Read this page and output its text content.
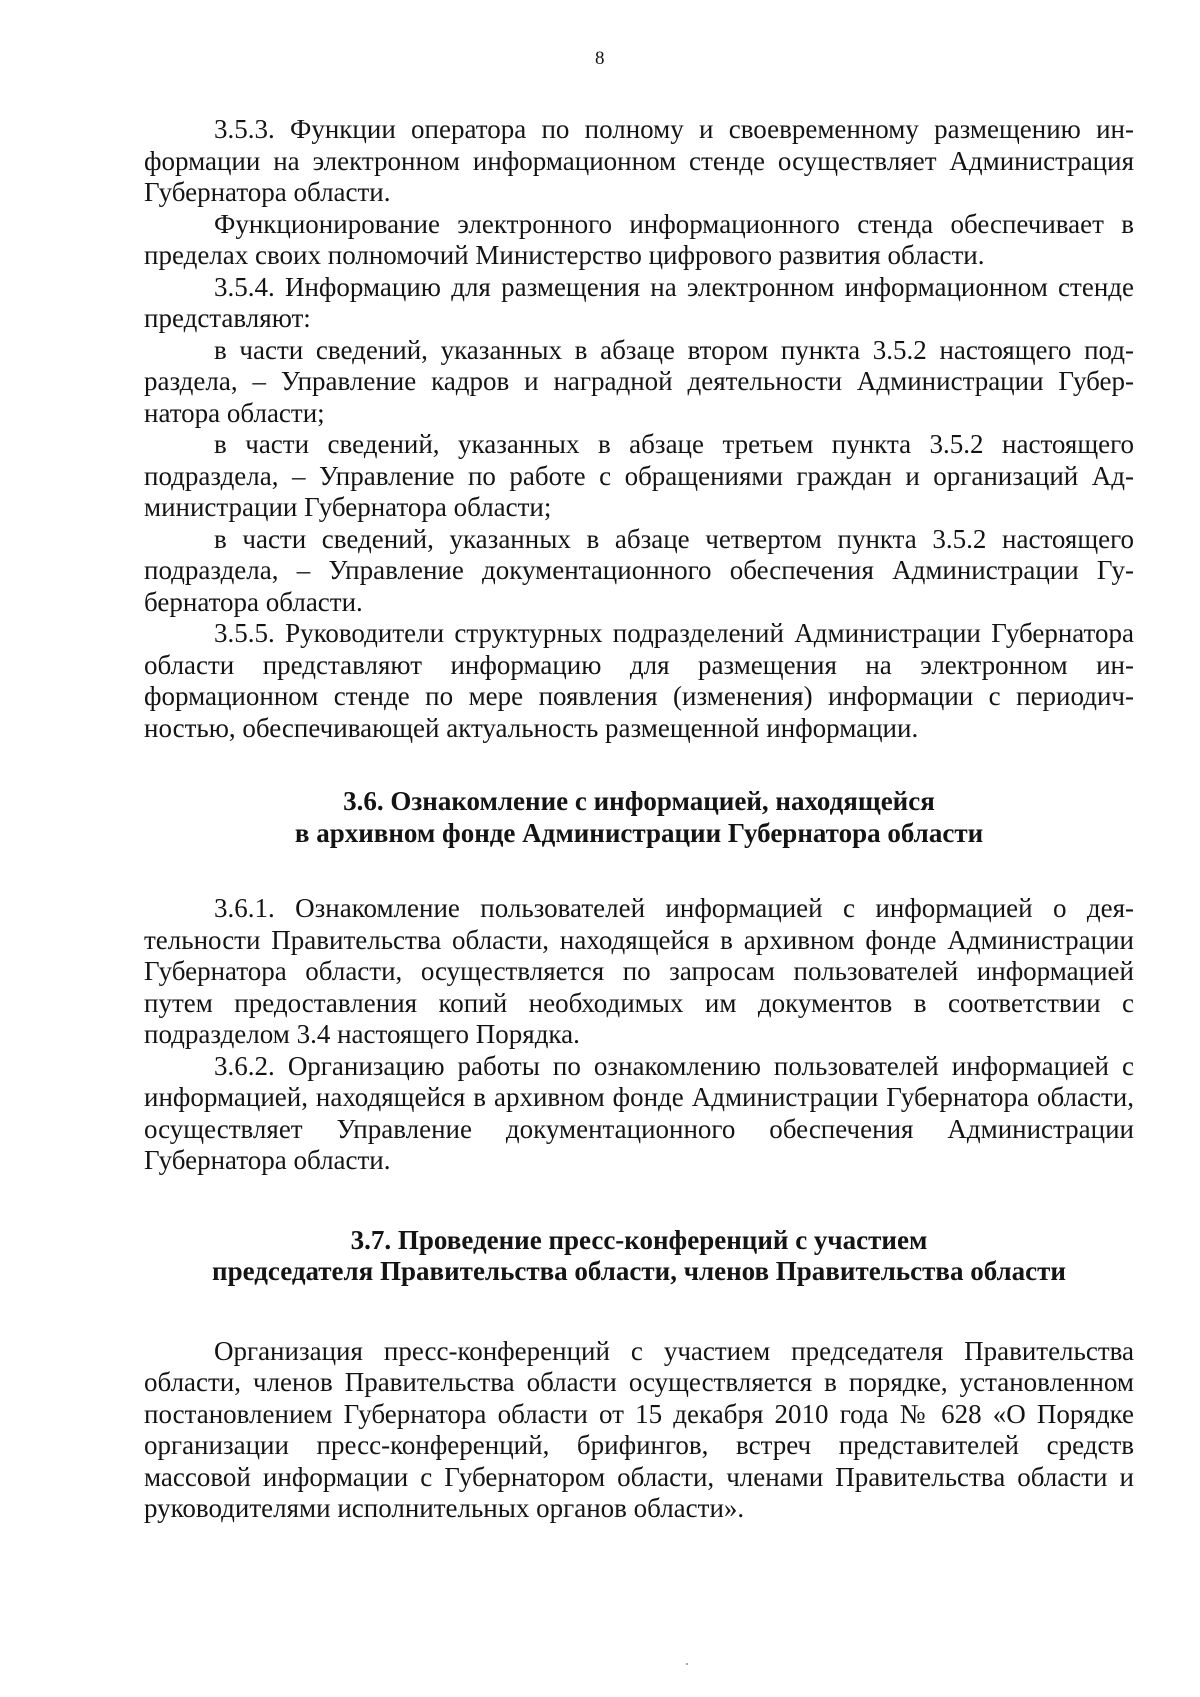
8

3.5.3. Функции оператора по полному и своевременному размещению информации на электронном информационном стенде осуществляет Администрация Губернатора области.

Функционирование электронного информационного стенда обеспечивает в пределах своих полномочий Министерство цифрового развития области.

3.5.4. Информацию для размещения на электронном информационном стенде представляют:

в части сведений, указанных в абзаце втором пункта 3.5.2 настоящего подраздела, – Управление кадров и наградной деятельности Администрации Губернатора области;

в части сведений, указанных в абзаце третьем пункта 3.5.2 настоящего подраздела, – Управление по работе с обращениями граждан и организаций Администрации Губернатора области;

в части сведений, указанных в абзаце четвертом пункта 3.5.2 настоящего подраздела, – Управление документационного обеспечения Администрации Губернатора области.

3.5.5. Руководители структурных подразделений Администрации Губернатора области представляют информацию для размещения на электронном информационном стенде по мере появления (изменения) информации с периодичностью, обеспечивающей актуальность размещенной информации.

3.6. Ознакомление с информацией, находящейся
в архивном фонде Администрации Губернатора области

3.6.1. Ознакомление пользователей информацией с информацией о деятельности Правительства области, находящейся в архивном фонде Администрации Губернатора области, осуществляется по запросам пользователей информацией путем предоставления копий необходимых им документов в соответствии с подразделом 3.4 настоящего Порядка.

3.6.2. Организацию работы по ознакомлению пользователей информацией с информацией, находящейся в архивном фонде Администрации Губернатора области, осуществляет Управление документационного обеспечения Администрации Губернатора области.

3.7. Проведение пресс-конференций с участием
председателя Правительства области, членов Правительства области

Организация пресс-конференций с участием председателя Правительства области, членов Правительства области осуществляется в порядке, установленном постановлением Губернатора области от 15 декабря 2010 года № 628 «О Порядке организации пресс-конференций, брифингов, встреч представителей средств массовой информации с Губернатором области, членами Правительства области и руководителями исполнительных органов области».
